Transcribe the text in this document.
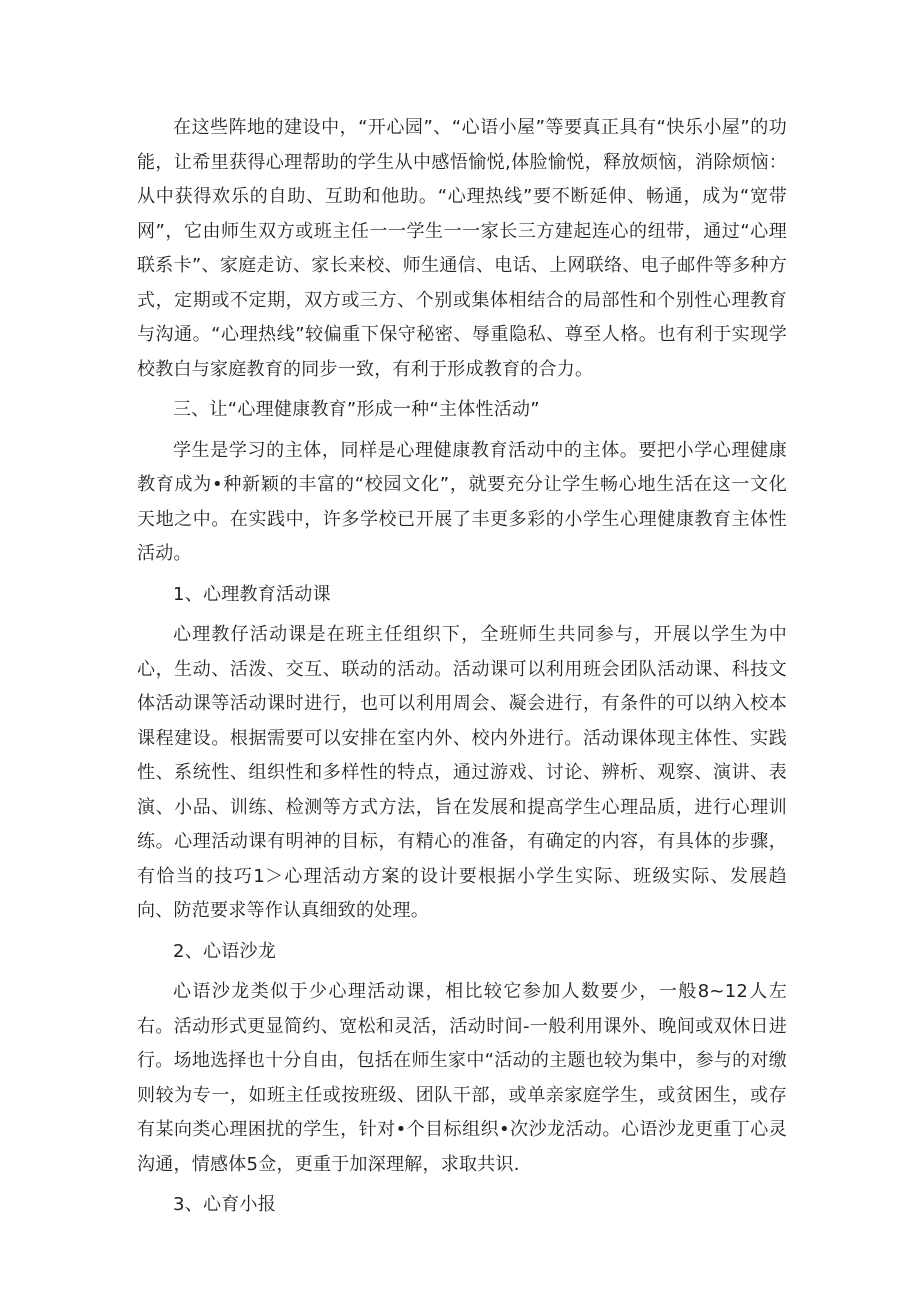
在这些阵地的建设中，“开心园”、“心语小屋”等要真正具有“快乐小屋”的功能，让希里获得心理帮助的学生从中感悟愉悦,体脸愉悦，释放烦恼，消除烦恼：从中获得欢乐的自助、互助和他助。“心理热线”要不断延伸、畅通，成为“宽带网”，它由师生双方或班主任一一学生一一家长三方建起连心的纽带，通过“心理联系卡”、家庭走访、家长来校、师生通信、电话、上网联络、电子邮件等多种方式，定期或不定期，双方或三方、个别或集体相结合的局部性和个别性心理教育与沟通。“心理热线”较偏重下保守秘密、辱重隐私、尊至人格。也有利于实现学校教白与家庭教育的同步一致，有利于形成教育的合力。

三、让“心理健康教育”形成一种“主体性活动”

学生是学习的主体，同样是心理健康教育活动中的主体。要把小学心理健康教育成为•种新颖的丰富的“校园文化”，就要充分让学生畅心地生活在这一文化天地之中。在实践中，许多学校已开展了丰更多彩的小学生心理健康教育主体性活动。

1、心理教育活动课

心理教仔活动课是在班主任组织下，全班师生共同参与，开展以学生为中心，生动、活泼、交互、联动的活动。活动课可以利用班会团队活动课、科技文体活动课等活动课时进行，也可以利用周会、凝会进行，有条件的可以纳入校本课程建设。根据需要可以安排在室内外、校内外进行。活动课体现主体性、实践性、系统性、组织性和多样性的特点，通过游戏、讨论、辨析、观察、演讲、表演、小品、训练、检测等方式方法，旨在发展和提高学生心理品质，进行心理训练。心理活动课有明神的目标，有精心的准备，有确定的内容，有具体的步骤，有恰当的技巧1＞心理活动方案的设计要根据小学生实际、班级实际、发展趋向、防范要求等作认真细致的处理。

2、心语沙龙

心语沙龙类似于少心理活动课，相比较它参加人数要少，一般8~12人左右。活动形式更显简约、宽松和灵活，活动时间-一般利用课外、晚间或双休日进行。场地选择也十分自由，包括在师生家中“活动的主题也较为集中，参与的对缴则较为专一，如班主任或按班级、团队干部，或单亲家庭学生，或贫困生，或存有某向类心理困扰的学生，针对•个目标组织•次沙龙活动。心语沙龙更重丁心灵沟通，情感体5佥，更重于加深理解，求取共识.

3、心育小报
